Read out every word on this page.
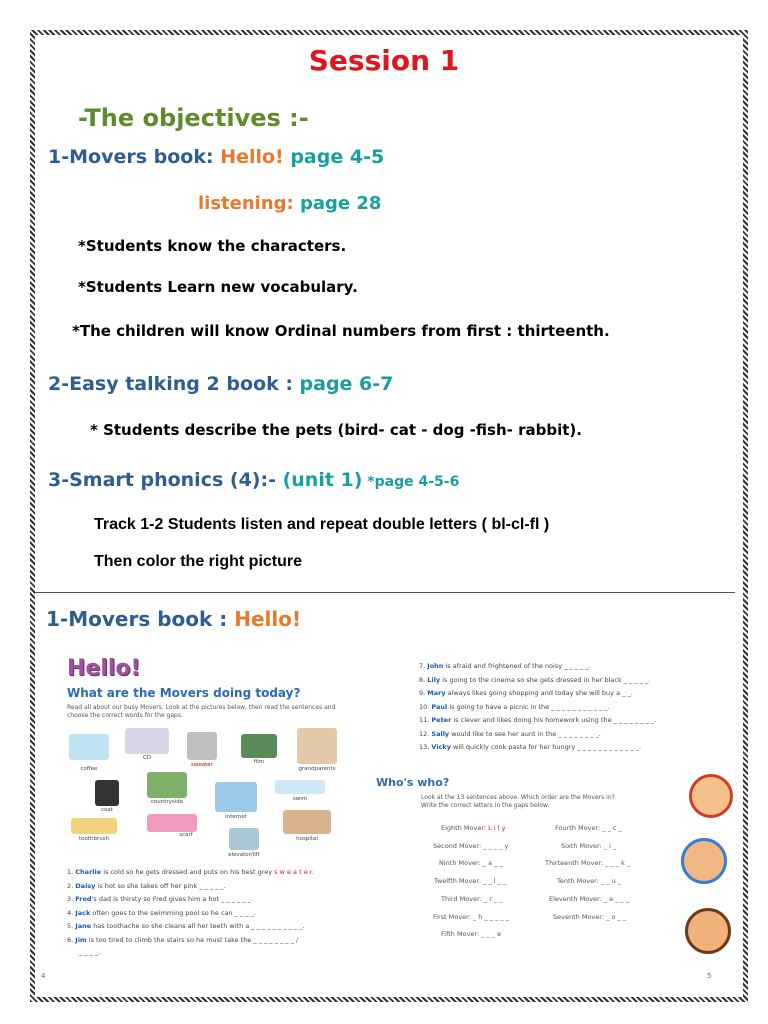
Session 1
-The objectives :-
1-Movers book: Hello! page 4-5
listening: page 28
*Students know the characters.
*Students Learn new vocabulary.
*The children will know Ordinal numbers from first : thirteenth.
2-Easy talking 2 book : page 6-7
* Students describe the pets (bird- cat - dog -fish- rabbit).
3-Smart phonics (4):- (unit 1) *page 4-5-6
Track 1-2 Students listen and repeat double letters ( bl-cl-fl )
Then color the right picture
1-Movers book : Hello!
Hello!
What are the Movers doing today?
Read all about our busy Movers. Look at the pictures below, then read the sentences and
choose the correct words for the gaps.
coffee
CD
sweater	film
grandparents
coat
countryside
internet
swim
toothbrush
scarf
hospital
elevator/lift
1. Charlie is cold so he gets dressed and puts on his best grey s w e a t e r.
2. Daisy is hot so she takes off her pink _ _ _ _ _.
3. Fred's dad is thirsty so Fred gives him a hot _ _ _ _ _ _.
4. Jack often goes to the swimming pool so he can _ _ _ _.
5. Jane has toothache so she cleans all her teeth with a _ _ _ _ _ _ _ _ _ _.
6. Jim is too tired to climb the stairs so he must take the _ _ _ _ _ _ _ _ /
_ _ _ _.
7. John is afraid and frightened of the noisy _ _ _ _ _.
8. Lily is going to the cinema so she gets dressed in her black _ _ _ _ _.
9. Mary always likes going shopping and today she will buy a _ _.
10. Paul is going to have a picnic in the _ _ _ _ _ _ _ _ _ _ _.
11. Peter is clever and likes doing his homework using the _ _ _ _ _ _ _ _.
12. Sally would like to see her aunt in the _ _ _ _ _ _ _ _.
13. Vicky will quickly cook pasta for her hungry _ _ _ _ _ _ _ _ _ _ _ _.
4	5
Who's who?
Look at the 13 sentences above. Which order are the Movers in?
Write the correct letters in the gaps below.
Eighth Mover: L i l y
Second Mover: _ _ _ _ y
Ninth Mover: _ a _ _
Twelfth Mover: _ _ l _ _
Third Mover: _ r _ _
First Mover: _ h _ _ _ _ _
Fifth Mover: _ _ _ e
Fourth Mover: _ _ c _
Sixth Mover: _ i _
Thirteenth Mover: _ _ _ k _
Tenth Mover: _ _ u _
Eleventh Mover: _ e _ _ _
Seventh Mover: _ o _ _
